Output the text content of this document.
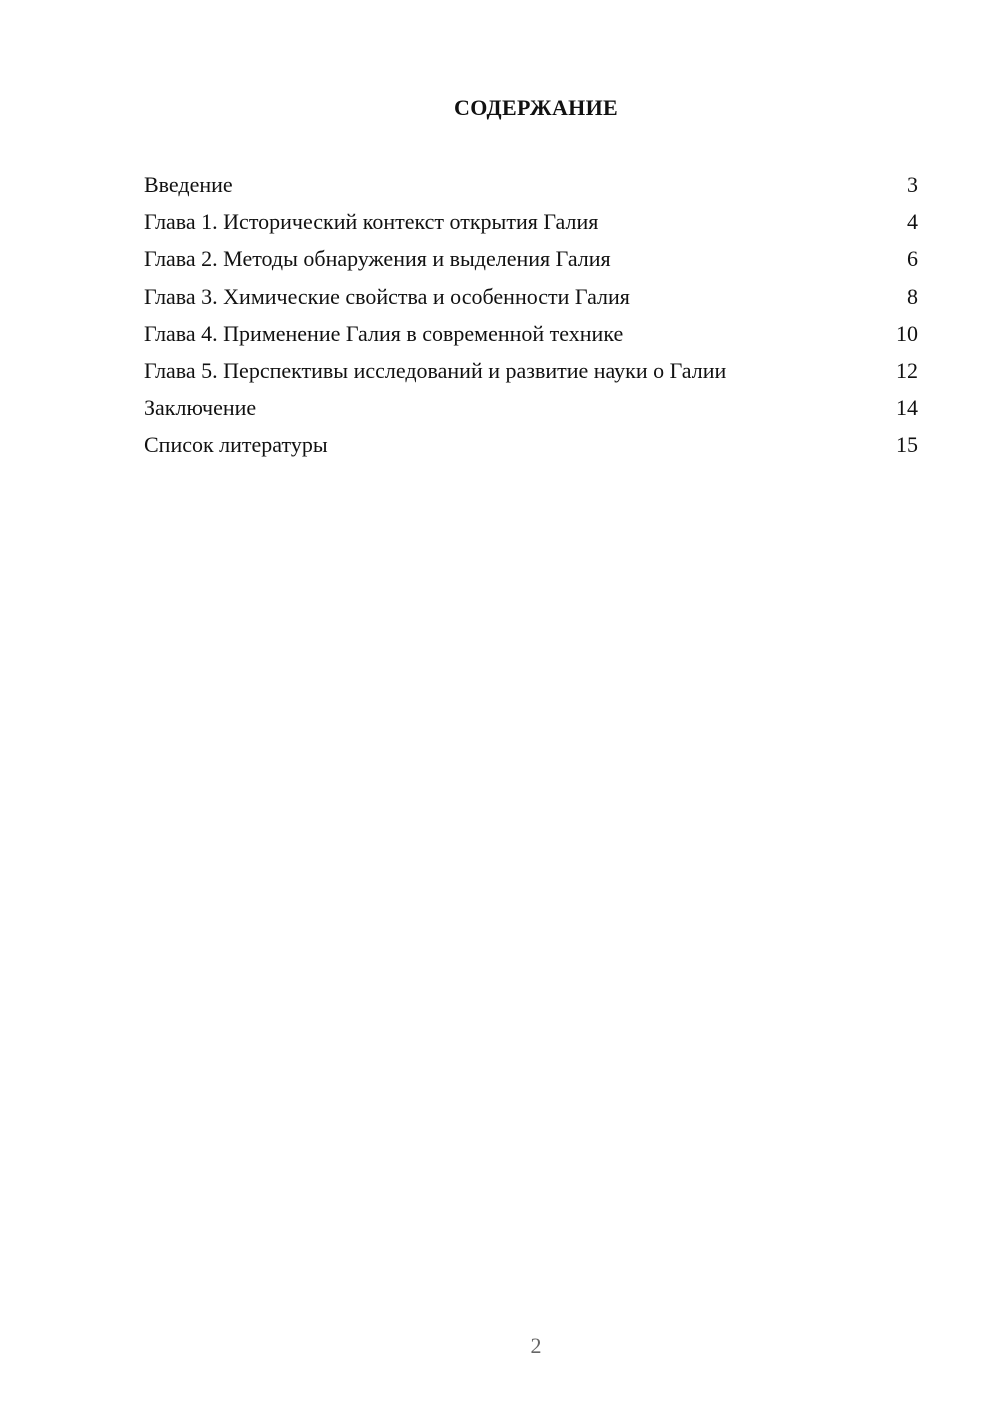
СОДЕРЖАНИЕ
Введение	3
Глава 1. Исторический контекст открытия Галия	4
Глава 2. Методы обнаружения и выделения Галия	6
Глава 3. Химические свойства и особенности Галия	8
Глава 4. Применение Галия в современной технике	10
Глава 5. Перспективы исследований и развитие науки о Галии	12
Заключение	14
Список литературы	15
2
